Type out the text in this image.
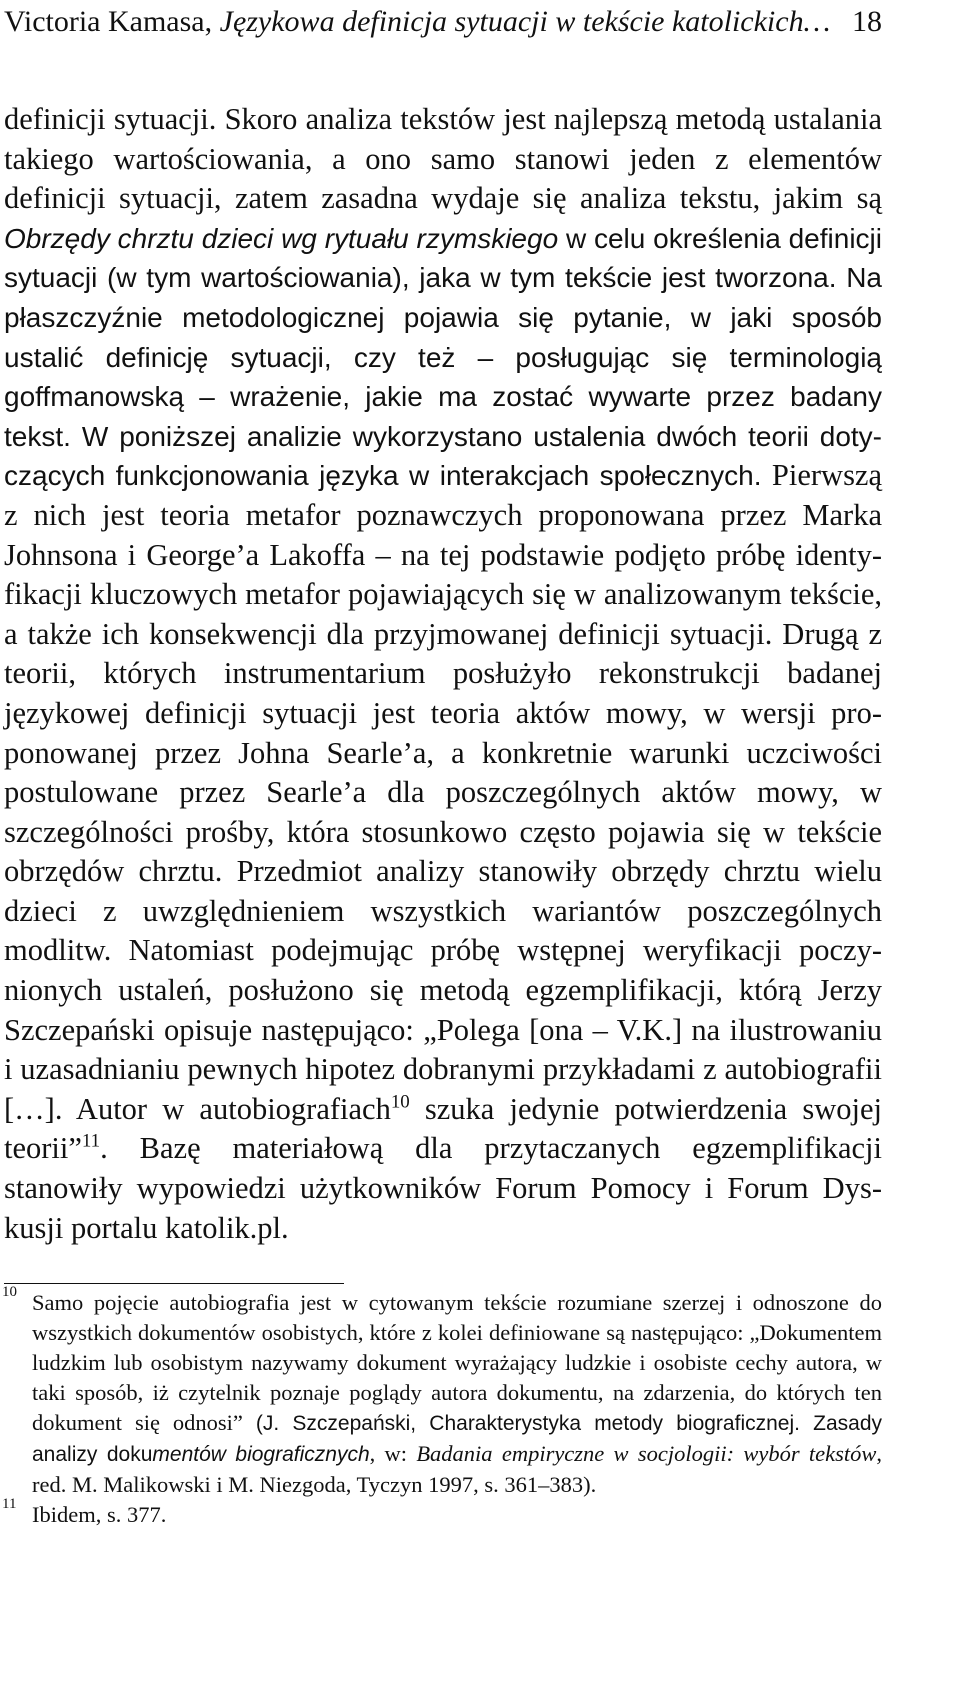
Victoria Kamasa, Językowa definicja sytuacji w tekście katolickich… 18

definicji sytuacji. Skoro analiza tekstów jest najlepszą metodą ustalania takiego wartościowania, a ono samo stanowi jeden z elementów definicji sytuacji, zatem zasadna wydaje się analiza tekstu, jakim są Obrzędy chrztu dzieci wg rytuału rzymskiego w celu określenia definicji sytuacji (w tym wartościowania), jaka w tym tekście jest tworzona. Na płaszczyźnie metodologicznej pojawia się pytanie, w jaki sposób ustalić definicję sytuacji, czy też – posługując się terminologią goffmanowską – wrażenie, jakie ma zostać wywarte przez badany tekst. W poniższej analizie wykorzystano ustalenia dwóch teorii dotyczących funkcjonowania języka w interakcjach społecznych. Pierwszą z nich jest teoria metafor poznawczych proponowana przez Marka Johnsona i George’a Lakoffa – na tej podstawie podjęto próbę identyfikacji kluczowych metafor pojawiających się w analizowanym tekście, a także ich konsekwencji dla przyjmowanej definicji sytuacji. Drugą z teorii, których instrumentarium posłużyło rekonstrukcji badanej językowej definicji sytuacji jest teoria aktów mowy, w wersji proponowanej przez Johna Searle’a, a konkretnie warunki uczciwości postulowane przez Searle’a dla poszczególnych aktów mowy, w szczególności prośby, która stosunkowo często pojawia się w tekście obrzędów chrztu. Przedmiot analizy stanowiły obrzędy chrztu wielu dzieci z uwzględnieniem wszystkich wariantów poszczególnych modlitw. Natomiast podejmując próbę wstępnej weryfikacji poczynionych ustaleń, posłużono się metodą egzemplifikacji, którą Jerzy Szczepański opisuje następująco: „Polega [ona – V.K.] na ilustrowaniu i uzasadnianiu pewnych hipotez dobranymi przykładami z autobiografii […]. Autor w autobiografiach$^{10}$ szuka jedynie potwierdzenia swojej teorii”$^{11}$. Bazę materiałową dla przytaczanych egzemplifikacji stanowiły wypowiedzi użytkowników Forum Pomocy i Forum Dyskusji portalu katolik.pl.

10 Samo pojęcie autobiografia jest w cytowanym tekście rozumiane szerzej i odnoszone do wszystkich dokumentów osobistych, które z kolei definiowane są następująco: „Dokumentem ludzkim lub osobistym nazywamy dokument wyrażający ludzkie i osobiste cechy autora, w taki sposób, iż czytelnik poznaje poglądy autora dokumentu, na zdarzenia, do których ten dokument się odnosi” (J. Szczepański, Charakterystyka metody biograficznej. Zasady analizy dokumentów biograficznych, w: Badania empiryczne w socjologii: wybór tekstów, red. M. Malikowski i M. Niezgoda, Tyczyn 1997, s. 361–383).
11 Ibidem, s. 377.
